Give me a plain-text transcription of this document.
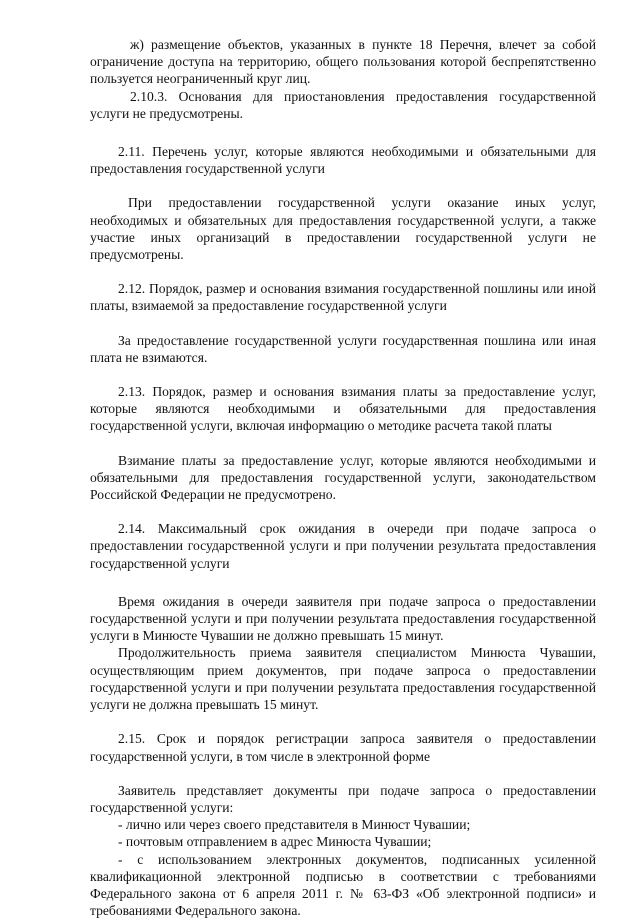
ж) размещение объектов, указанных в пункте 18 Перечня, влечет за собой ограничение доступа на территорию, общего пользования которой беспрепятственно пользуется неограниченный круг лиц.

2.10.3. Основания для приостановления предоставления государственной услуги не предусмотрены.

2.11. Перечень услуг, которые являются необходимыми и обязательными для предоставления государственной услуги

При предоставлении государственной услуги оказание иных услуг, необходимых и обязательных для предоставления государственной услуги, а также участие иных организаций в предоставлении государственной услуги не предусмотрены.

2.12. Порядок, размер и основания взимания государственной пошлины или иной платы, взимаемой за предоставление государственной услуги

За предоставление государственной услуги государственная пошлина или иная плата не взимаются.

2.13. Порядок, размер и основания взимания платы за предоставление услуг, которые являются необходимыми и обязательными для предоставления государственной услуги, включая информацию о методике расчета такой платы

Взимание платы за предоставление услуг, которые являются необходимыми и обязательными для предоставления государственной услуги, законодательством Российской Федерации не предусмотрено.

2.14. Максимальный срок ожидания в очереди при подаче запроса о предоставлении государственной услуги и при получении результата предоставления государственной услуги

Время ожидания в очереди заявителя при подаче запроса о предоставлении государственной услуги и при получении результата предоставления государственной услуги в Минюсте Чувашии не должно превышать 15 минут.

Продолжительность приема заявителя специалистом Минюста Чувашии, осуществляющим прием документов, при подаче запроса о предоставлении государственной услуги и при получении результата предоставления государственной услуги не должна превышать 15 минут.

2.15. Срок и порядок регистрации запроса заявителя о предоставлении государственной услуги, в том числе в электронной форме

Заявитель представляет документы при подаче запроса о предоставлении государственной услуги:

- лично или через своего представителя в Минюст Чувашии;

- почтовым отправлением в адрес Минюста Чувашии;

- с использованием электронных документов, подписанных усиленной квалификационной электронной подписью в соответствии с требованиями Федерального закона от 6 апреля 2011 г. № 63-ФЗ «Об электронной подписи» и требованиями Федерального закона.
